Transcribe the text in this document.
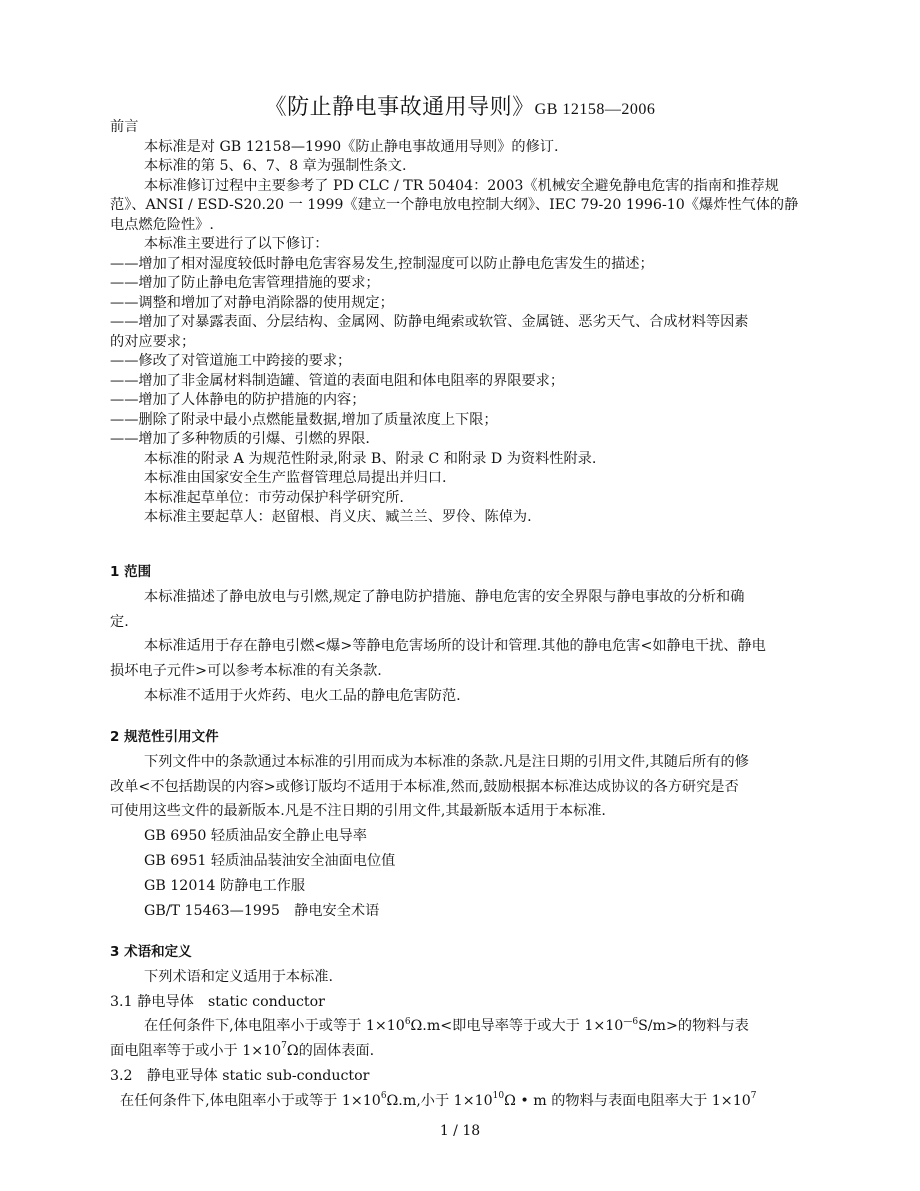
《防止静电事故通用导则》GB 12158—2006
前言
本标准是对 GB 12158—1990《防止静电事故通用导则》的修订.
本标准的第 5、6、7、8 章为强制性条文.
本标准修订过程中主要参考了 PD CLC / TR 50404：2003《机械安全避免静电危害的指南和推荐规
范》、ANSI / ESD-S20.20 一 1999《建立一个静电放电控制大纲》、IEC 79-20 1996-10《爆炸性气体的静
电点燃危险性》.
本标准主要进行了以下修订：
——增加了相对湿度较低时静电危害容易发生,控制湿度可以防止静电危害发生的描述；
——增加了防止静电危害管理措施的要求；
——调整和增加了对静电消除器的使用规定；
——增加了对暴露表面、分层结构、金属网、防静电绳索或软管、金属链、恶劣天气、合成材料等因素
的对应要求；
——修改了对管道施工中跨接的要求；
——增加了非金属材料制造罐、管道的表面电阻和体电阻率的界限要求；
——增加了人体静电的防护措施的内容；
——删除了附录中最小点燃能量数据,增加了质量浓度上下限；
——增加了多种物质的引爆、引燃的界限.
本标准的附录 A 为规范性附录,附录 B、附录 C 和附录 D 为资料性附录.
本标准由国家安全生产监督管理总局提出并归口.
本标准起草单位：市劳动保护科学研究所.
本标准主要起草人：赵留根、肖义庆、臧兰兰、罗伶、陈倬为.
1 范围
本标准描述了静电放电与引燃,规定了静电防护措施、静电危害的安全界限与静电事故的分析和确
定.
本标准适用于存在静电引燃<爆>等静电危害场所的设计和管理.其他的静电危害<如静电干扰、静电
损坏电子元件>可以参考本标准的有关条款.
本标准不适用于火炸药、电火工品的静电危害防范.
2 规范性引用文件
下列文件中的条款通过本标准的引用而成为本标准的条款.凡是注日期的引用文件,其随后所有的修
改单<不包括勘误的内容>或修订版均不适用于本标准,然而,鼓励根据本标准达成协议的各方研究是否
可使用这些文件的最新版本.凡是不注日期的引用文件,其最新版本适用于本标准.
GB 6950 轻质油品安全静止电导率
GB 6951 轻质油品装油安全油面电位值
GB 12014 防静电工作服
GB/T 15463—1995　静电安全术语
3 术语和定义
下列术语和定义适用于本标准.
3.1 静电导体　static conductor
在任何条件下,体电阻率小于或等于 $1\times 10^6\Omega.m<$即电导率等于或大于 $1\times 10^{—6}S/m>$的物料与表
面电阻率等于或小于 $1\times 10^7\Omega$的固体表面.
3.2　静电亚导体 static sub-conductor
在任何条件下,体电阻率小于或等于 $1\times 10^6\Omega.m$,小于 $1\times 10^{10}\Omega$ • m 的物料与表面电阻率大于 $1\times 10^7$
1 / 18
